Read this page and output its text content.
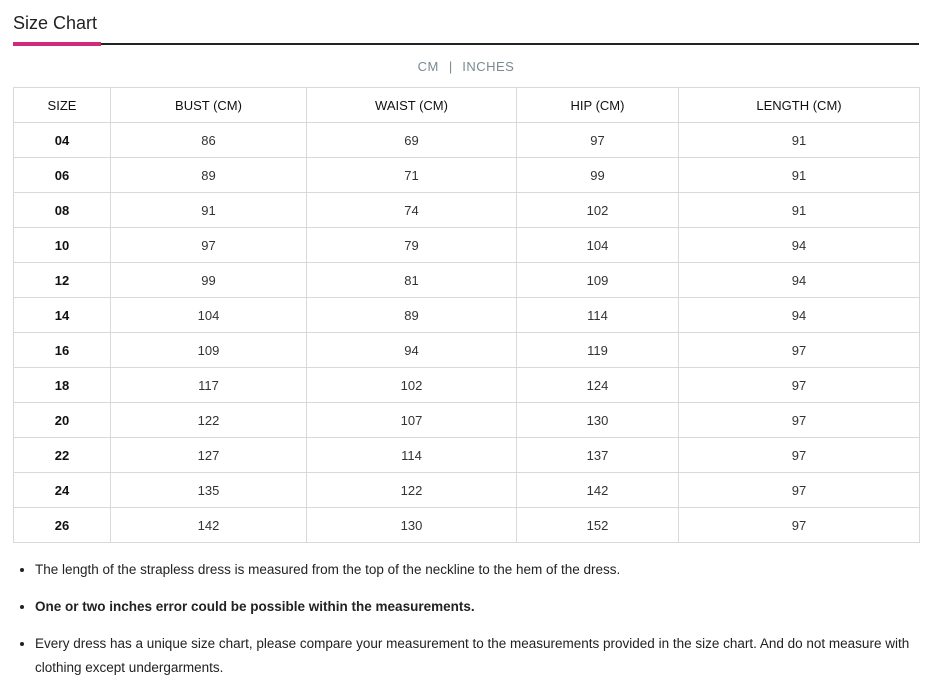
Size Chart
CM | INCHES
SIZE	BUST (CM)	WAIST (CM)	HIP (CM)	LENGTH (CM)
04	86	69	97	91
06	89	71	99	91
08	91	74	102	91
10	97	79	104	94
12	99	81	109	94
14	104	89	114	94
16	109	94	119	97
18	117	102	124	97
20	122	107	130	97
22	127	114	137	97
24	135	122	142	97
26	142	130	152	97
• The length of the strapless dress is measured from the top of the neckline to the hem of the dress.
• One or two inches error could be possible within the measurements.
• Every dress has a unique size chart, please compare your measurement to the measurements provided in the size chart. And do not measure with clothing except undergarments.
